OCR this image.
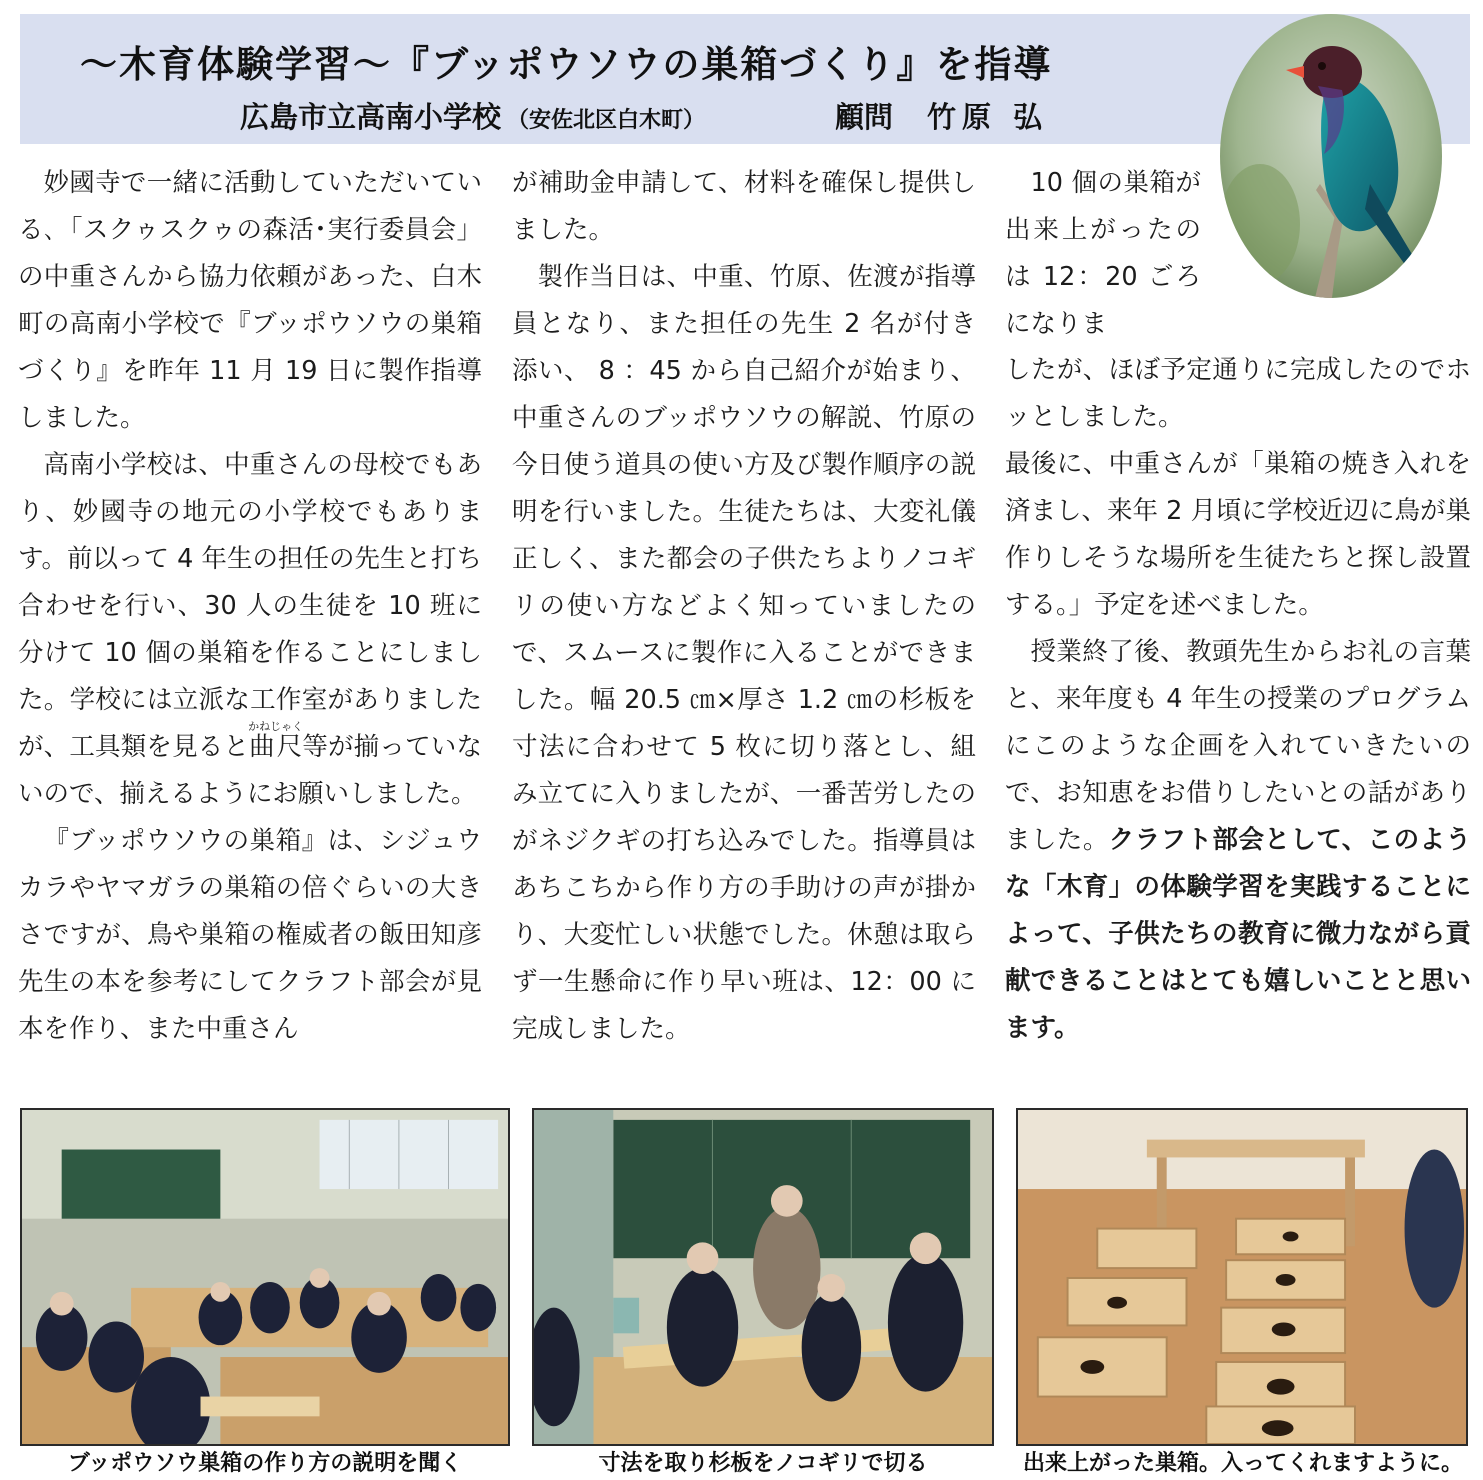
～木育体験学習～『ブッポウソウの巣箱づくり』を指導
広島市立高南小学校 （安佐北区白木町）	顧問 竹原 弘

妙國寺で一緒に活動していただいている､「スクゥスクゥの森活･実行委員会」の中重さんから協力依頼があった、白木町の高南小学校で『ブッポウソウの巣箱づくり』を昨年 11 月 19 日に製作指導しました。

高南小学校は、中重さんの母校でもあり、妙國寺の地元の小学校でもあります。前以って 4 年生の担任の先生と打ち合わせを行い、30 人の生徒を 10 班に分けて 10 個の巣箱を作ることにしました。学校には立派な工作室がありましたが、工具類を見ると曲尺かねじゃく等が揃っていないので、揃えるようにお願いしました。

『ブッポウソウの巣箱』は、シジュウカラやヤマガラの巣箱の倍ぐらいの大きさですが、鳥や巣箱の権威者の飯田知彦先生の本を参考にしてクラフト部会が見本を作り、また中重さん

が補助金申請して、材料を確保し提供しました。

製作当日は、中重、竹原、佐渡が指導員となり、また担任の先生 2 名が付き添い、 8 ：45 から自己紹介が始まり、中重さんのブッポウソウの解説、竹原の今日使う道具の使い方及び製作順序の説明を行いました。生徒たちは、大変礼儀正しく、また都会の子供たちよりノコギリの使い方などよく知っていましたので、スムースに製作に入ることができました。幅 20.5 ㎝×厚さ 1.2 ㎝の杉板を寸法に合わせて 5 枚に切り落とし、組み立てに入りましたが、一番苦労したのがネジクギの打ち込みでした。指導員はあちこちから作り方の手助けの声が掛かり、大変忙しい状態でした。休憩は取らず一生懸命に作り早い班は、12：00 に完成しました。

10 個の巣箱が出来上がったのは 12：20 ごろになりま

したが、ほぼ予定通りに完成したのでホッとしました。

最後に、中重さんが「巣箱の焼き入れを済まし、来年 2 月頃に学校近辺に鳥が巣作りしそうな場所を生徒たちと探し設置する。」予定を述べました。

授業終了後、教頭先生からお礼の言葉と、来年度も 4 年生の授業のプログラムにこのような企画を入れていきたいので、お知恵をお借りしたいとの話がありました。クラフト部会として、このような「木育」の体験学習を実践することによって、子供たちの教育に微力ながら貢献できることはとても嬉しいことと思います。

ブッポウソウ巣箱の作り方の説明を聞く	寸法を取り杉板をノコギリで切る	出来上がった巣箱。入ってくれますように。
